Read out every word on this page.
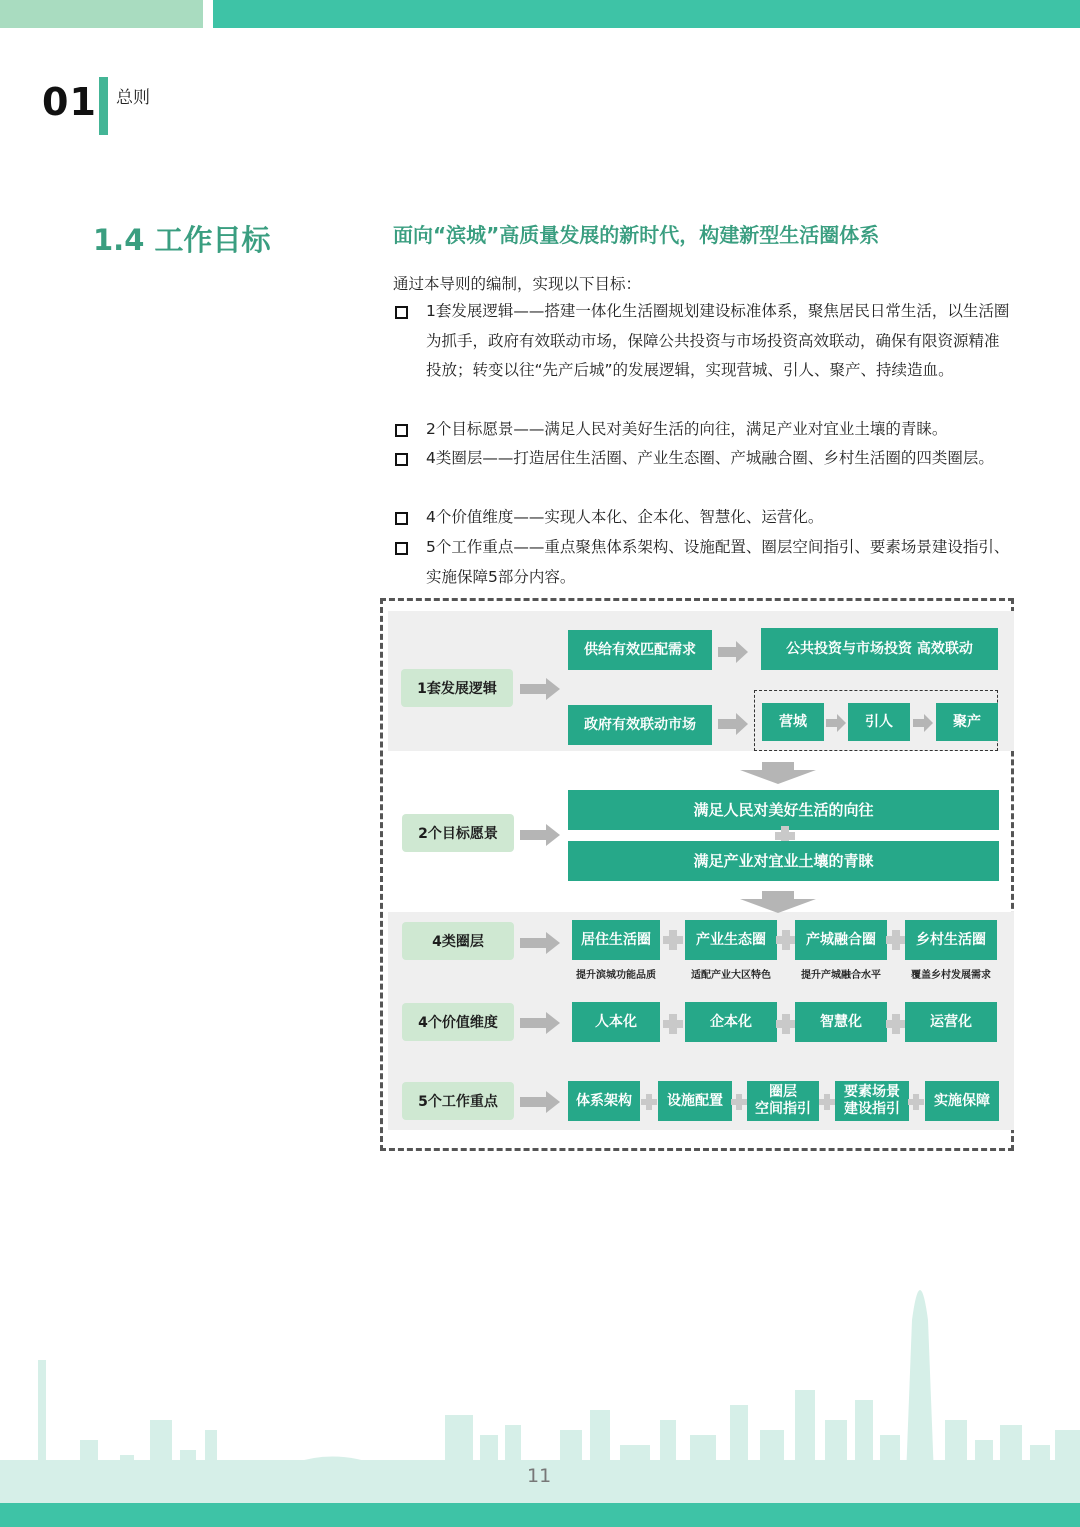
01 总则
1.4 工作目标	面向“滨城”高质量发展的新时代，构建新型生活圈体系
通过本导则的编制，实现以下目标：
1套发展逻辑——搭建一体化生活圈规划建设标准体系，聚焦居民日常生活，以生活圈为抓手，政府有效联动市场，保障公共投资与市场投资高效联动，确保有限资源精准投放；转变以往“先产后城”的发展逻辑，实现营城、引人、聚产、持续造血。
2个目标愿景——满足人民对美好生活的向往，满足产业对宜业土壤的青睐。
4类圈层——打造居住生活圈、产业生态圈、产城融合圈、乡村生活圈的四类圈层。
4个价值维度——实现人本化、企本化、智慧化、运营化。
5个工作重点——重点聚焦体系架构、设施配置、圈层空间指引、要素场景建设指引、实施保障5部分内容。
1套发展逻辑
供给有效匹配需求	公共投资与市场投资 高效联动
政府有效联动市场	营城	引人	聚产
2个目标愿景
满足人民对美好生活的向往
满足产业对宜业土壤的青睐
4类圈层	居住生活圈	产业生态圈	产城融合圈	乡村生活圈
提升滨城功能品质	适配产业大区特色	提升产城融合水平	覆盖乡村发展需求
4个价值维度	人本化	企本化	智慧化	运营化
5个工作重点	体系架构	设施配置
圈层
空间指引
要素场景
建设指引
实施保障
11
